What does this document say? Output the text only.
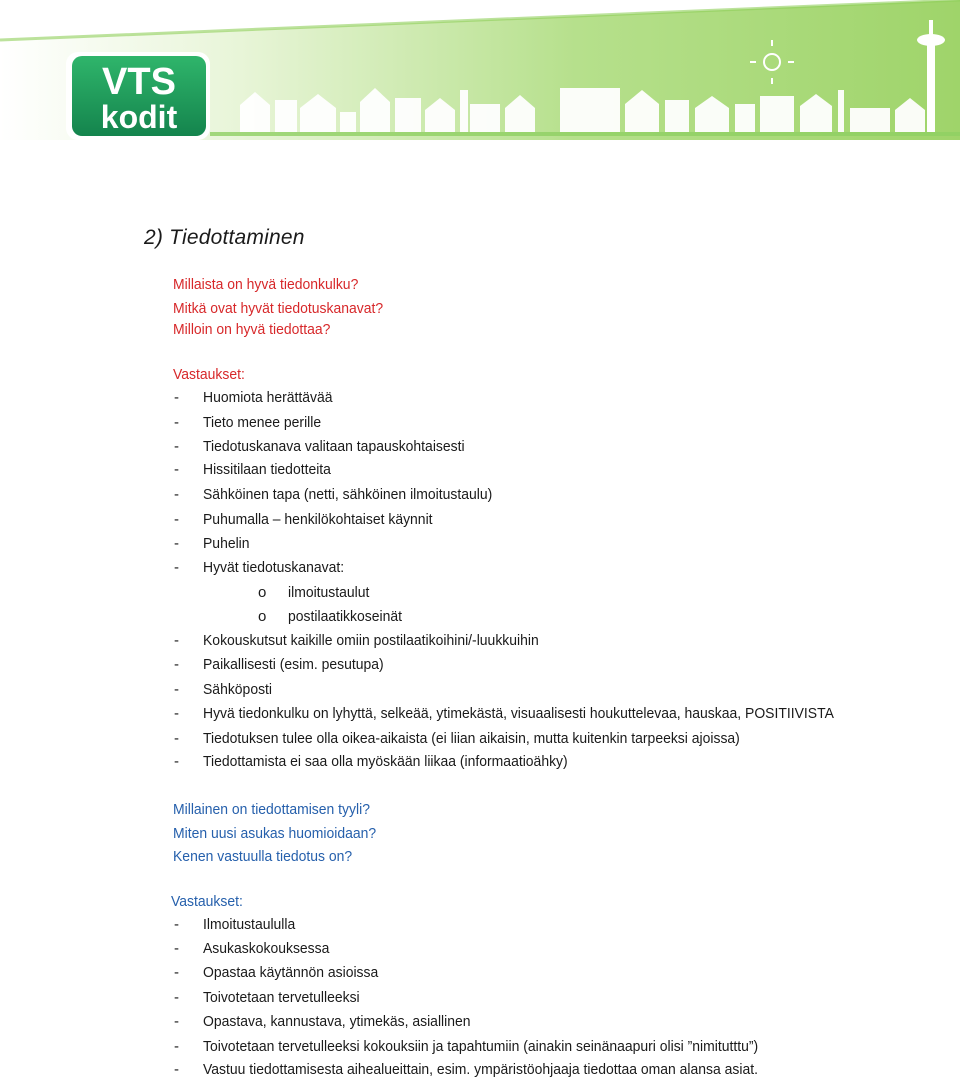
VTS
kodit
2) Tiedottaminen
Millaista on hyvä tiedonkulku?
Mitkä ovat hyvät tiedotuskanavat?
Milloin on hyvä tiedottaa?
Vastaukset:
- Huomiota herättävää
- Tieto menee perille
- Tiedotuskanava valitaan tapauskohtaisesti
- Hissitilaan tiedotteita
- Sähköinen tapa (netti, sähköinen ilmoitustaulu)
- Puhumalla – henkilökohtaiset käynnit
- Puhelin
- Hyvät tiedotuskanavat:
o ilmoitustaulut
o postilaatikkoseinät
- Kokouskutsut kaikille omiin postilaatikoihini/-luukkuihin
- Paikallisesti (esim. pesutupa)
- Sähköposti
- Hyvä tiedonkulku on lyhyttä, selkeää, ytimekästä, visuaalisesti houkuttelevaa, hauskaa, POSITIIVISTA
- Tiedotuksen tulee olla oikea-aikaista (ei liian aikaisin, mutta kuitenkin tarpeeksi ajoissa)
- Tiedottamista ei saa olla myöskään liikaa (informaatioähky)
Millainen on tiedottamisen tyyli?
Miten uusi asukas huomioidaan?
Kenen vastuulla tiedotus on?
Vastaukset:
- Ilmoitustaululla
- Asukaskokouksessa
- Opastaa käytännön asioissa
- Toivotetaan tervetulleeksi
- Opastava, kannustava, ytimekäs, asiallinen
- Toivotetaan tervetulleeksi kokouksiin ja tapahtumiin (ainakin seinänaapuri olisi ”nimitutttu”)
- Vastuu tiedottamisesta aihealueittain, esim. ympäristöohjaaja tiedottaa oman alansa asiat.
